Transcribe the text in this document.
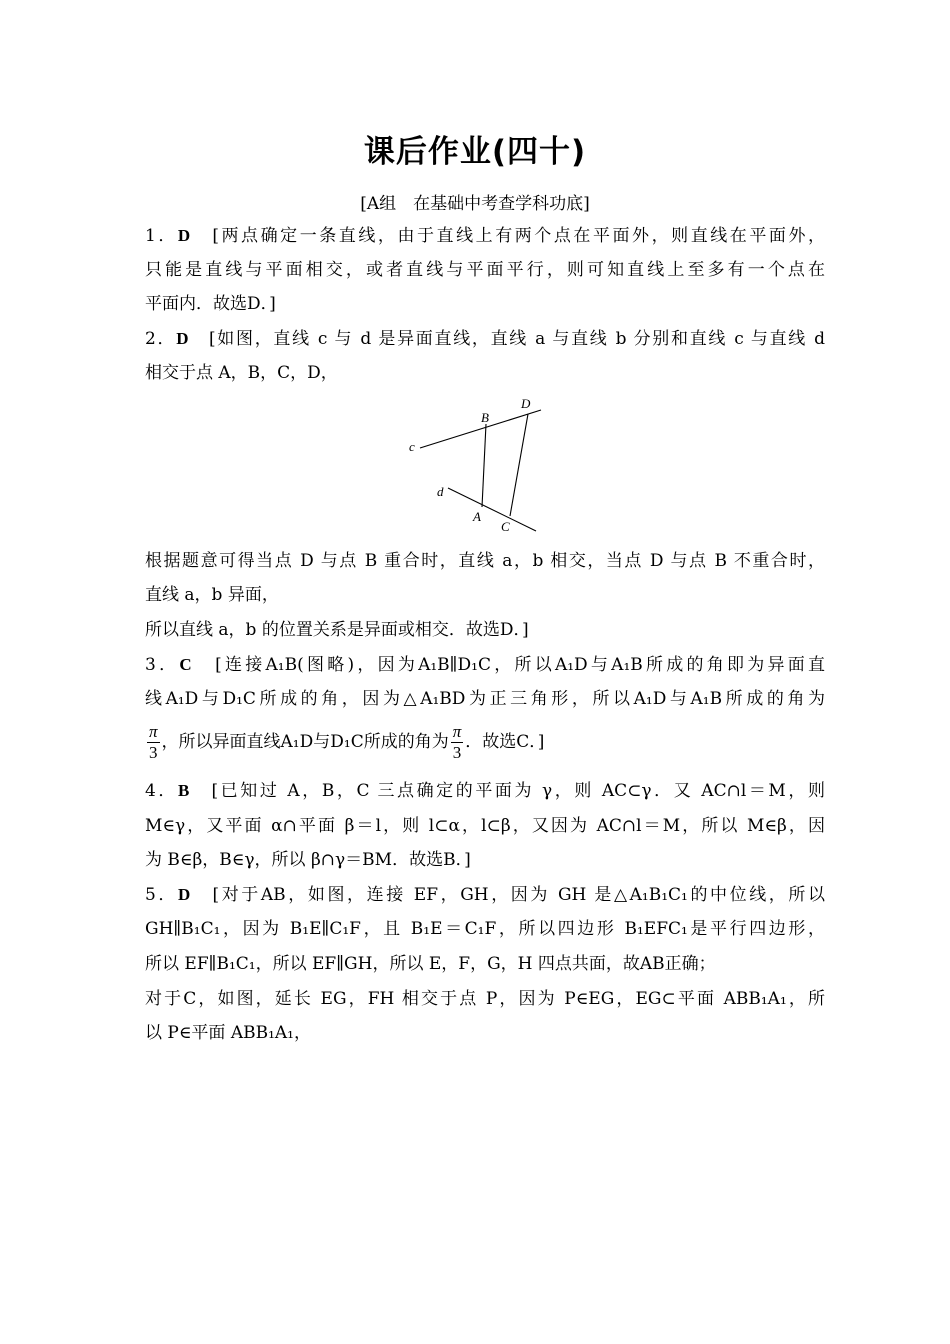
课后作业(四十)
[A组　在基础中考查学科功底]
1．D　 [两点确定一条直线，由于直线上有两个点在平面外，则直线在平面外，
只能是直线与平面相交，或者直线与平面平行，则可知直线上至多有一个点在
平面内．故选D．]
2．D　 [如图，直线 c 与 d 是异面直线，直线 a 与直线 b 分别和直线 c 与直线 d
相交于点 A，B，C，D，
B
D
c
d
A
C
根据题意可得当点 D 与点 B 重合时，直线 a，b 相交，当点 D 与点 B 不重合时，
直线 a，b 异面，
所以直线 a，b 的位置关系是异面或相交．故选D．]
3．C　 [连接A₁B(图略)，因为A₁B∥D₁C，所以A₁D与A₁B所成的角即为异面直
线A₁D与D₁C所成的角，因为△A₁BD为正三角形，所以A₁D与A₁B所成的角为
$\frac{\pi}{3}$ ，所以异面直线A₁D与D₁C所成的角为 $\frac{\pi}{3}$ ．故选C．]
4．B　 [已知过 A，B，C 三点确定的平面为 γ，则 AC⊂γ．又 AC∩l＝M，则
M∈γ，又平面 α∩平面 β＝l，则 l⊂α，l⊂β，又因为 AC∩l＝M，所以 M∈β，因
为 B∈β，B∈γ，所以 β∩γ＝BM．故选B．]
5．D　 [对于AB，如图，连接 EF，GH，因为 GH 是△A₁B₁C₁的中位线，所以
GH∥B₁C₁，因为 B₁E∥C₁F，且 B₁E＝C₁F，所以四边形 B₁EFC₁是平行四边形，
所以 EF∥B₁C₁，所以 EF∥GH，所以 E，F，G，H 四点共面，故AB正确；
对于C，如图，延长 EG，FH 相交于点 P，因为 P∈EG，EG⊂平面 ABB₁A₁，所
以 P∈平面 ABB₁A₁，
